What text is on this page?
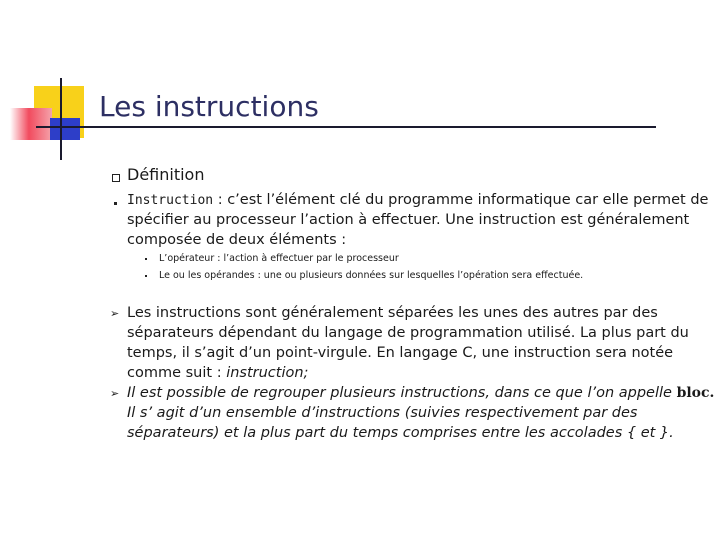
Les instructions
Définition
Instruction : c’est l’élément clé du programme informatique car elle permet de
spécifier au processeur l’action à effectuer. Une instruction est généralement
composée de deux éléments :
L’opérateur : l’action à effectuer par le processeur
Le ou les opérandes : une ou plusieurs données sur lesquelles l’opération sera effectuée.
➢ Les instructions sont généralement séparées les unes des autres par des
séparateurs dépendant du langage de programmation utilisé. La plus part du
temps, il s’agit d’un point-virgule. En langage C, une instruction sera notée
comme suit : instruction;
➢ Il est possible de regrouper plusieurs instructions, dans ce que l’on appelle bloc.
Il s’ agit d’un ensemble d’instructions (suivies respectivement par des
séparateurs) et la plus part du temps comprises entre les accolades { et }.
